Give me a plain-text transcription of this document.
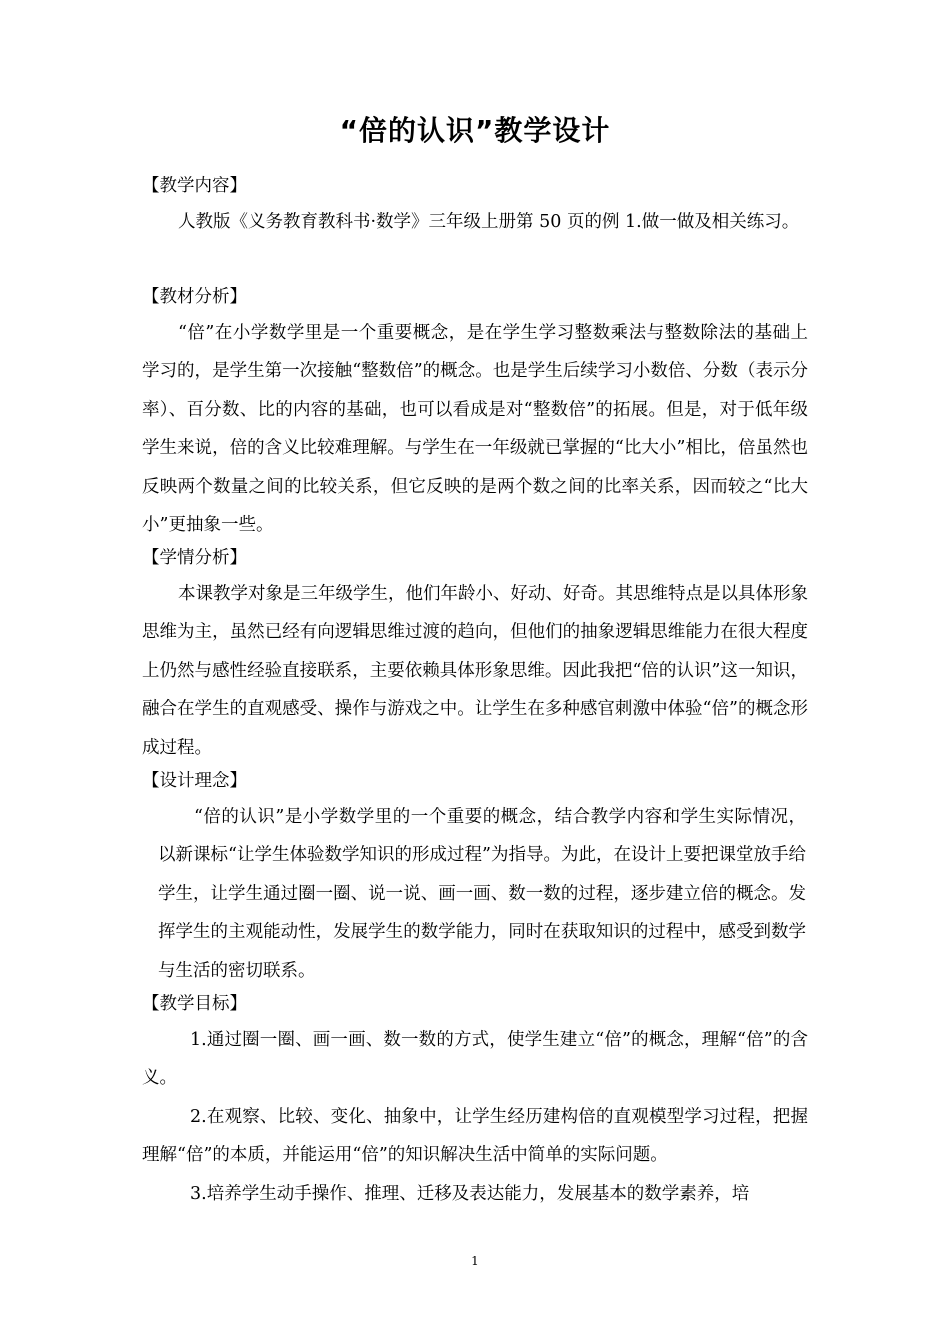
“倍的认识”教学设计
【教学内容】
人教版《义务教育教科书·数学》三年级上册第 50 页的例 1.做一做及相关练习。
【教材分析】
“倍”在小学数学里是一个重要概念，是在学生学习整数乘法与整数除法的基础上学习的，是学生第一次接触“整数倍”的概念。也是学生后续学习小数倍、分数（表示分率）、百分数、比的内容的基础，也可以看成是对“整数倍”的拓展。但是，对于低年级学生来说，倍的含义比较难理解。与学生在一年级就已掌握的“比大小”相比，倍虽然也反映两个数量之间的比较关系，但它反映的是两个数之间的比率关系，因而较之“比大小”更抽象一些。
【学情分析】
本课教学对象是三年级学生，他们年龄小、好动、好奇。其思维特点是以具体形象思维为主，虽然已经有向逻辑思维过渡的趋向，但他们的抽象逻辑思维能力在很大程度上仍然与感性经验直接联系，主要依赖具体形象思维。因此我把“倍的认识”这一知识，融合在学生的直观感受、操作与游戏之中。让学生在多种感官刺激中体验“倍”的概念形成过程。
【设计理念】
“倍的认识”是小学数学里的一个重要的概念，结合教学内容和学生实际情况，以新课标“让学生体验数学知识的形成过程”为指导。为此，在设计上要把课堂放手给学生，让学生通过圈一圈、说一说、画一画、数一数的过程，逐步建立倍的概念。发挥学生的主观能动性，发展学生的数学能力，同时在获取知识的过程中，感受到数学与生活的密切联系。
【教学目标】
1.通过圈一圈、画一画、数一数的方式，使学生建立“倍”的概念，理解“倍”的含义。
2.在观察、比较、变化、抽象中，让学生经历建构倍的直观模型学习过程，把握理解“倍”的本质，并能运用“倍”的知识解决生活中简单的实际问题。
3.培养学生动手操作、推理、迁移及表达能力，发展基本的数学素养，培
1
